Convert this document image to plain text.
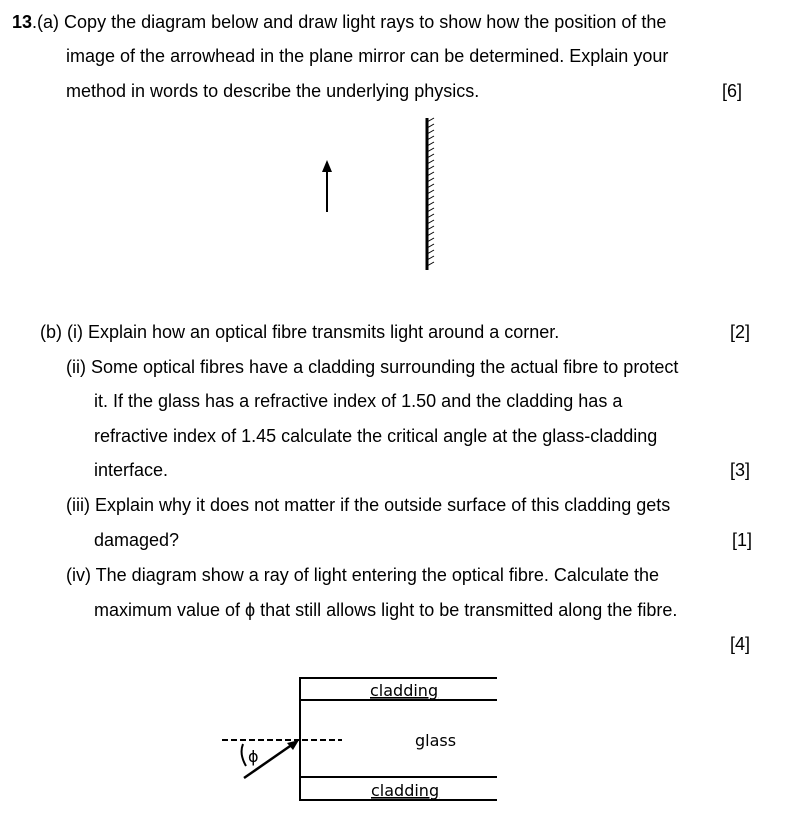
13.(a) Copy the diagram below and draw light rays to show how the position of the
image of the arrowhead in the plane mirror can be determined. Explain your
method in words to describe the underlying physics.	[6]
(b) (i) Explain how an optical fibre transmits light around a corner.	[2]
(ii) Some optical fibres have a cladding surrounding the actual fibre to protect
it. If the glass has a refractive index of 1.50 and the cladding has a
refractive index of 1.45 calculate the critical angle at the glass-cladding
interface.	[3]
(iii) Explain why it does not matter if the outside surface of this cladding gets
damaged?	[1]
(iv) The diagram show a ray of light entering the optical fibre. Calculate the
maximum value of ϕ that still allows light to be transmitted along the fibre.
[4]
cladding
glass
cladding
ϕ
